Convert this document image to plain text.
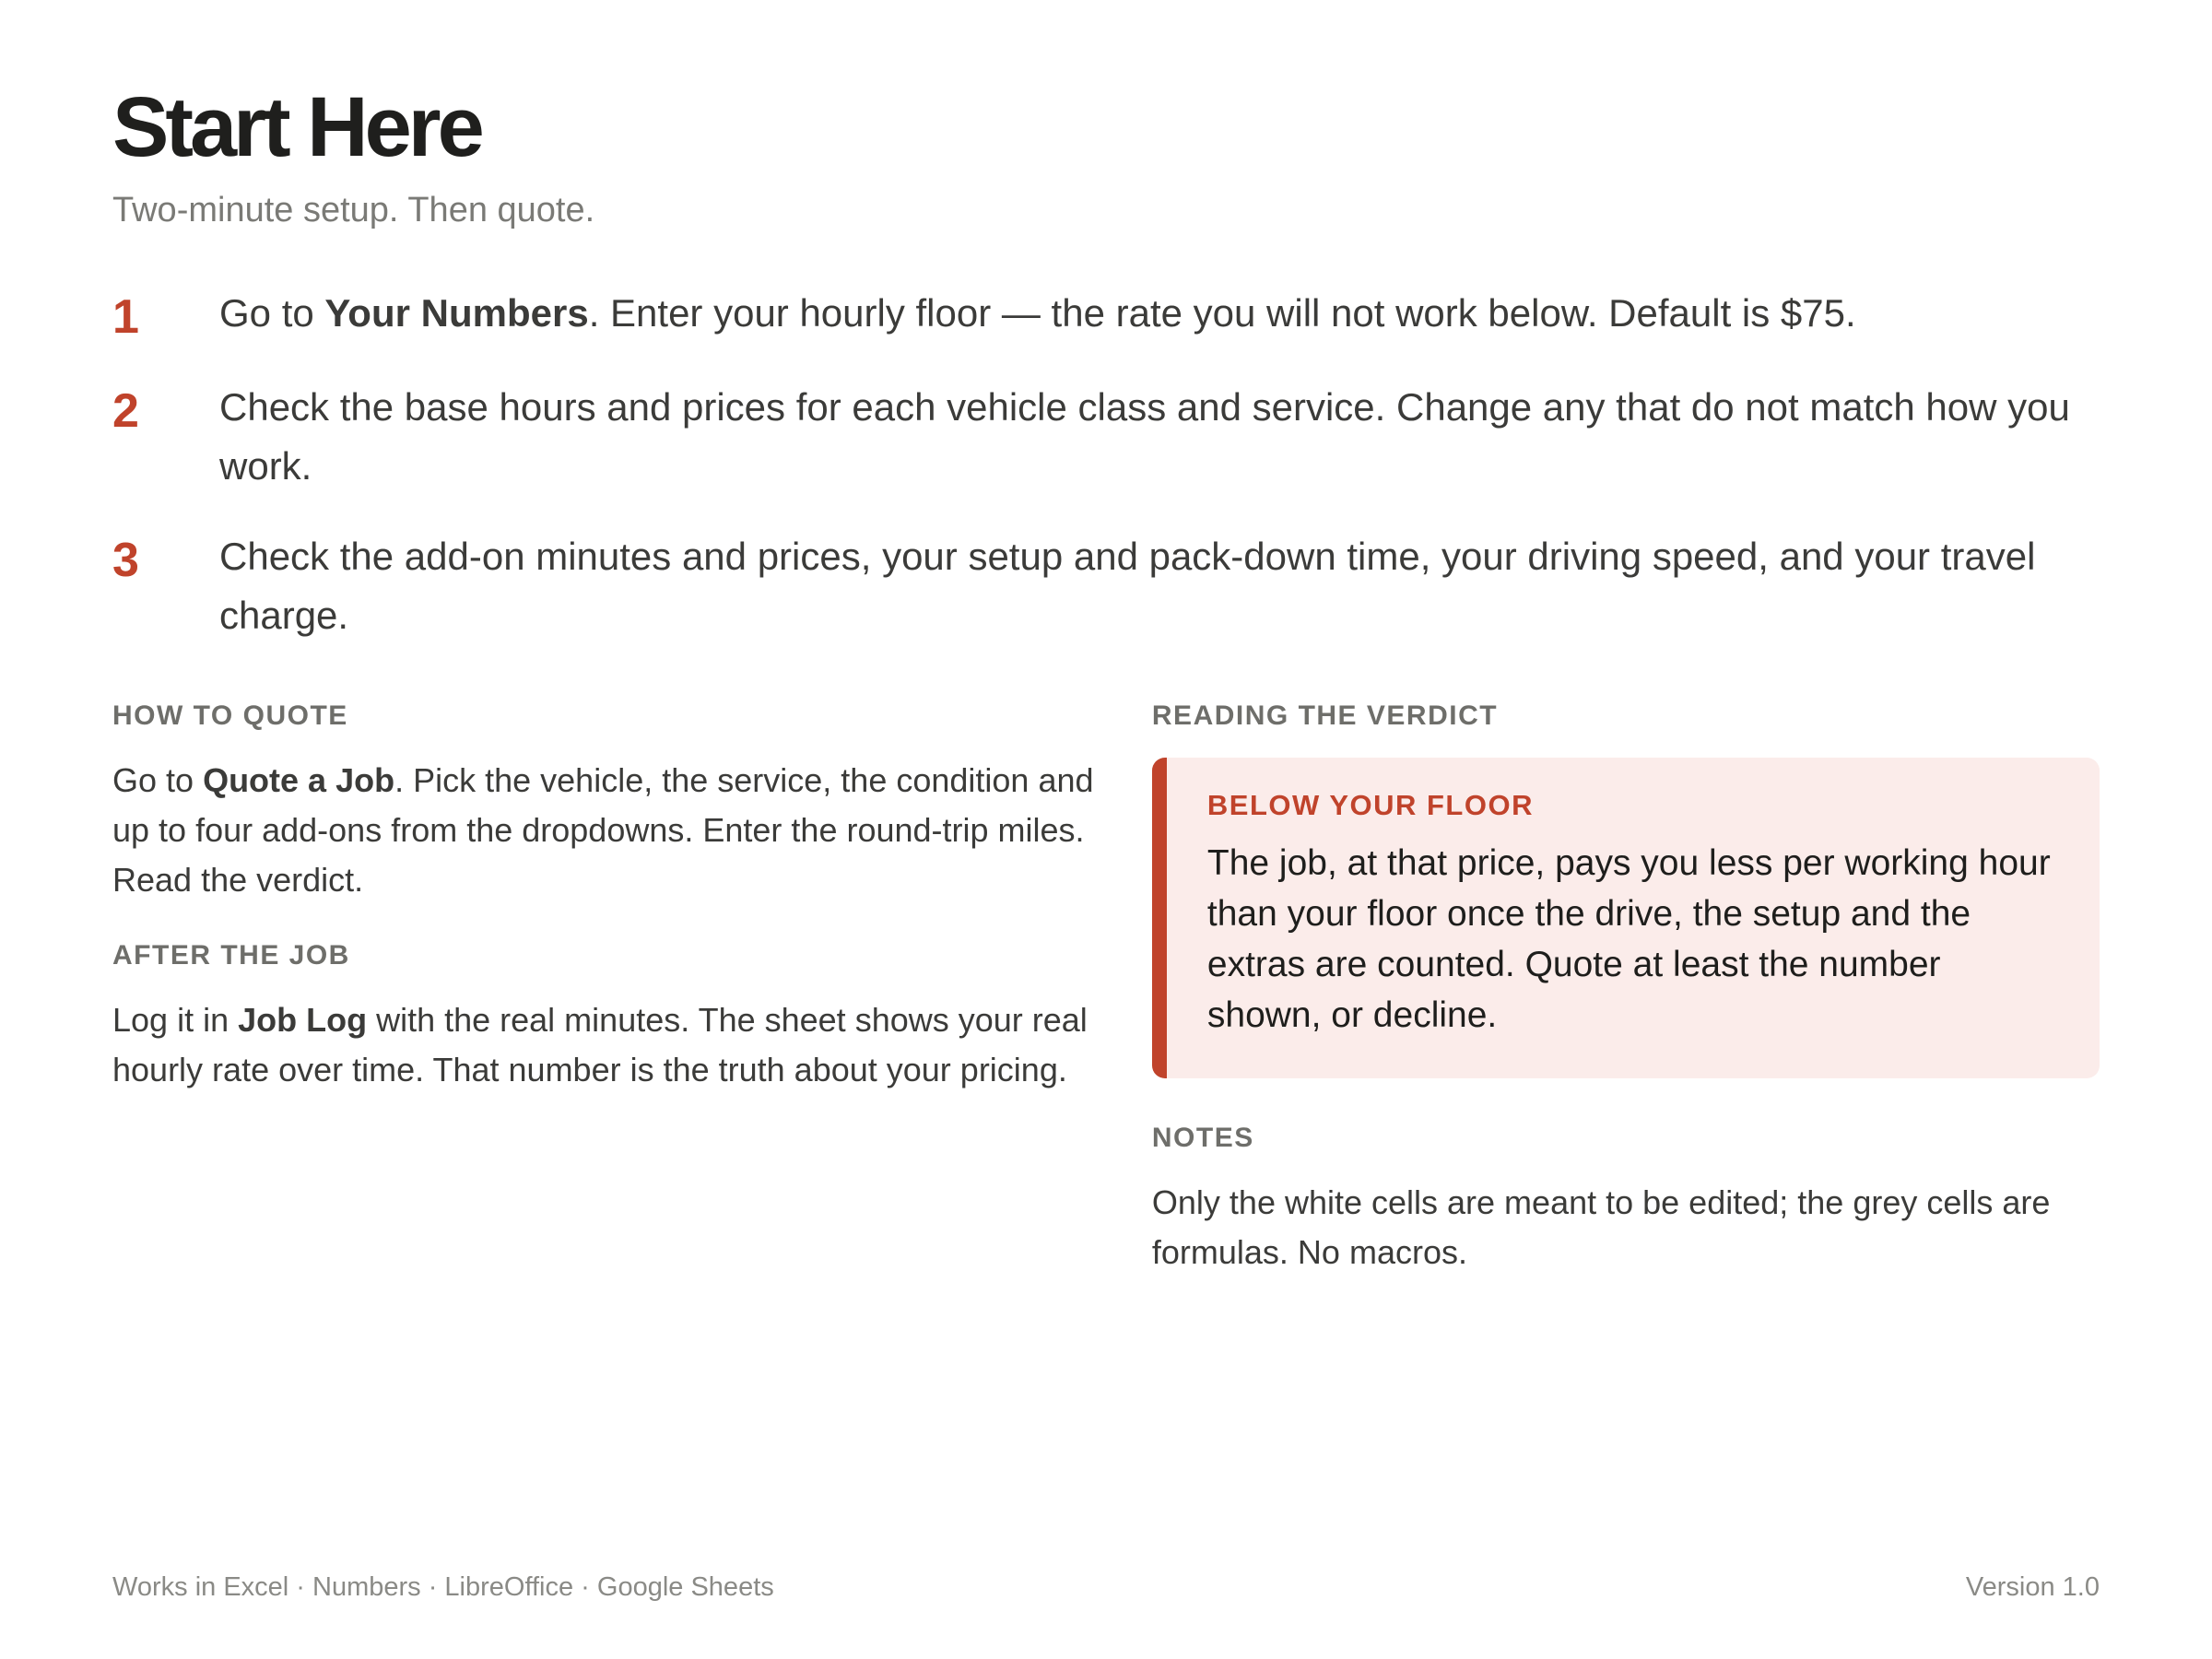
Start Here
Two-minute setup. Then quote.
1	Go to Your Numbers. Enter your hourly floor — the rate you will not work below. Default is $75.
2	Check the base hours and prices for each vehicle class and service. Change any that do not match how you work.
3	Check the add-on minutes and prices, your setup and pack-down time, your driving speed, and your travel charge.
HOW TO QUOTE
Go to Quote a Job. Pick the vehicle, the service, the condition and up to four add-ons from the dropdowns. Enter the round-trip miles. Read the verdict.
AFTER THE JOB
Log it in Job Log with the real minutes. The sheet shows your real hourly rate over time. That number is the truth about your pricing.
READING THE VERDICT
BELOW YOUR FLOOR
The job, at that price, pays you less per working hour than your floor once the drive, the setup and the extras are counted. Quote at least the number shown, or decline.
NOTES
Only the white cells are meant to be edited; the grey cells are formulas. No macros.
Works in Excel · Numbers · LibreOffice · Google Sheets	Version 1.0
